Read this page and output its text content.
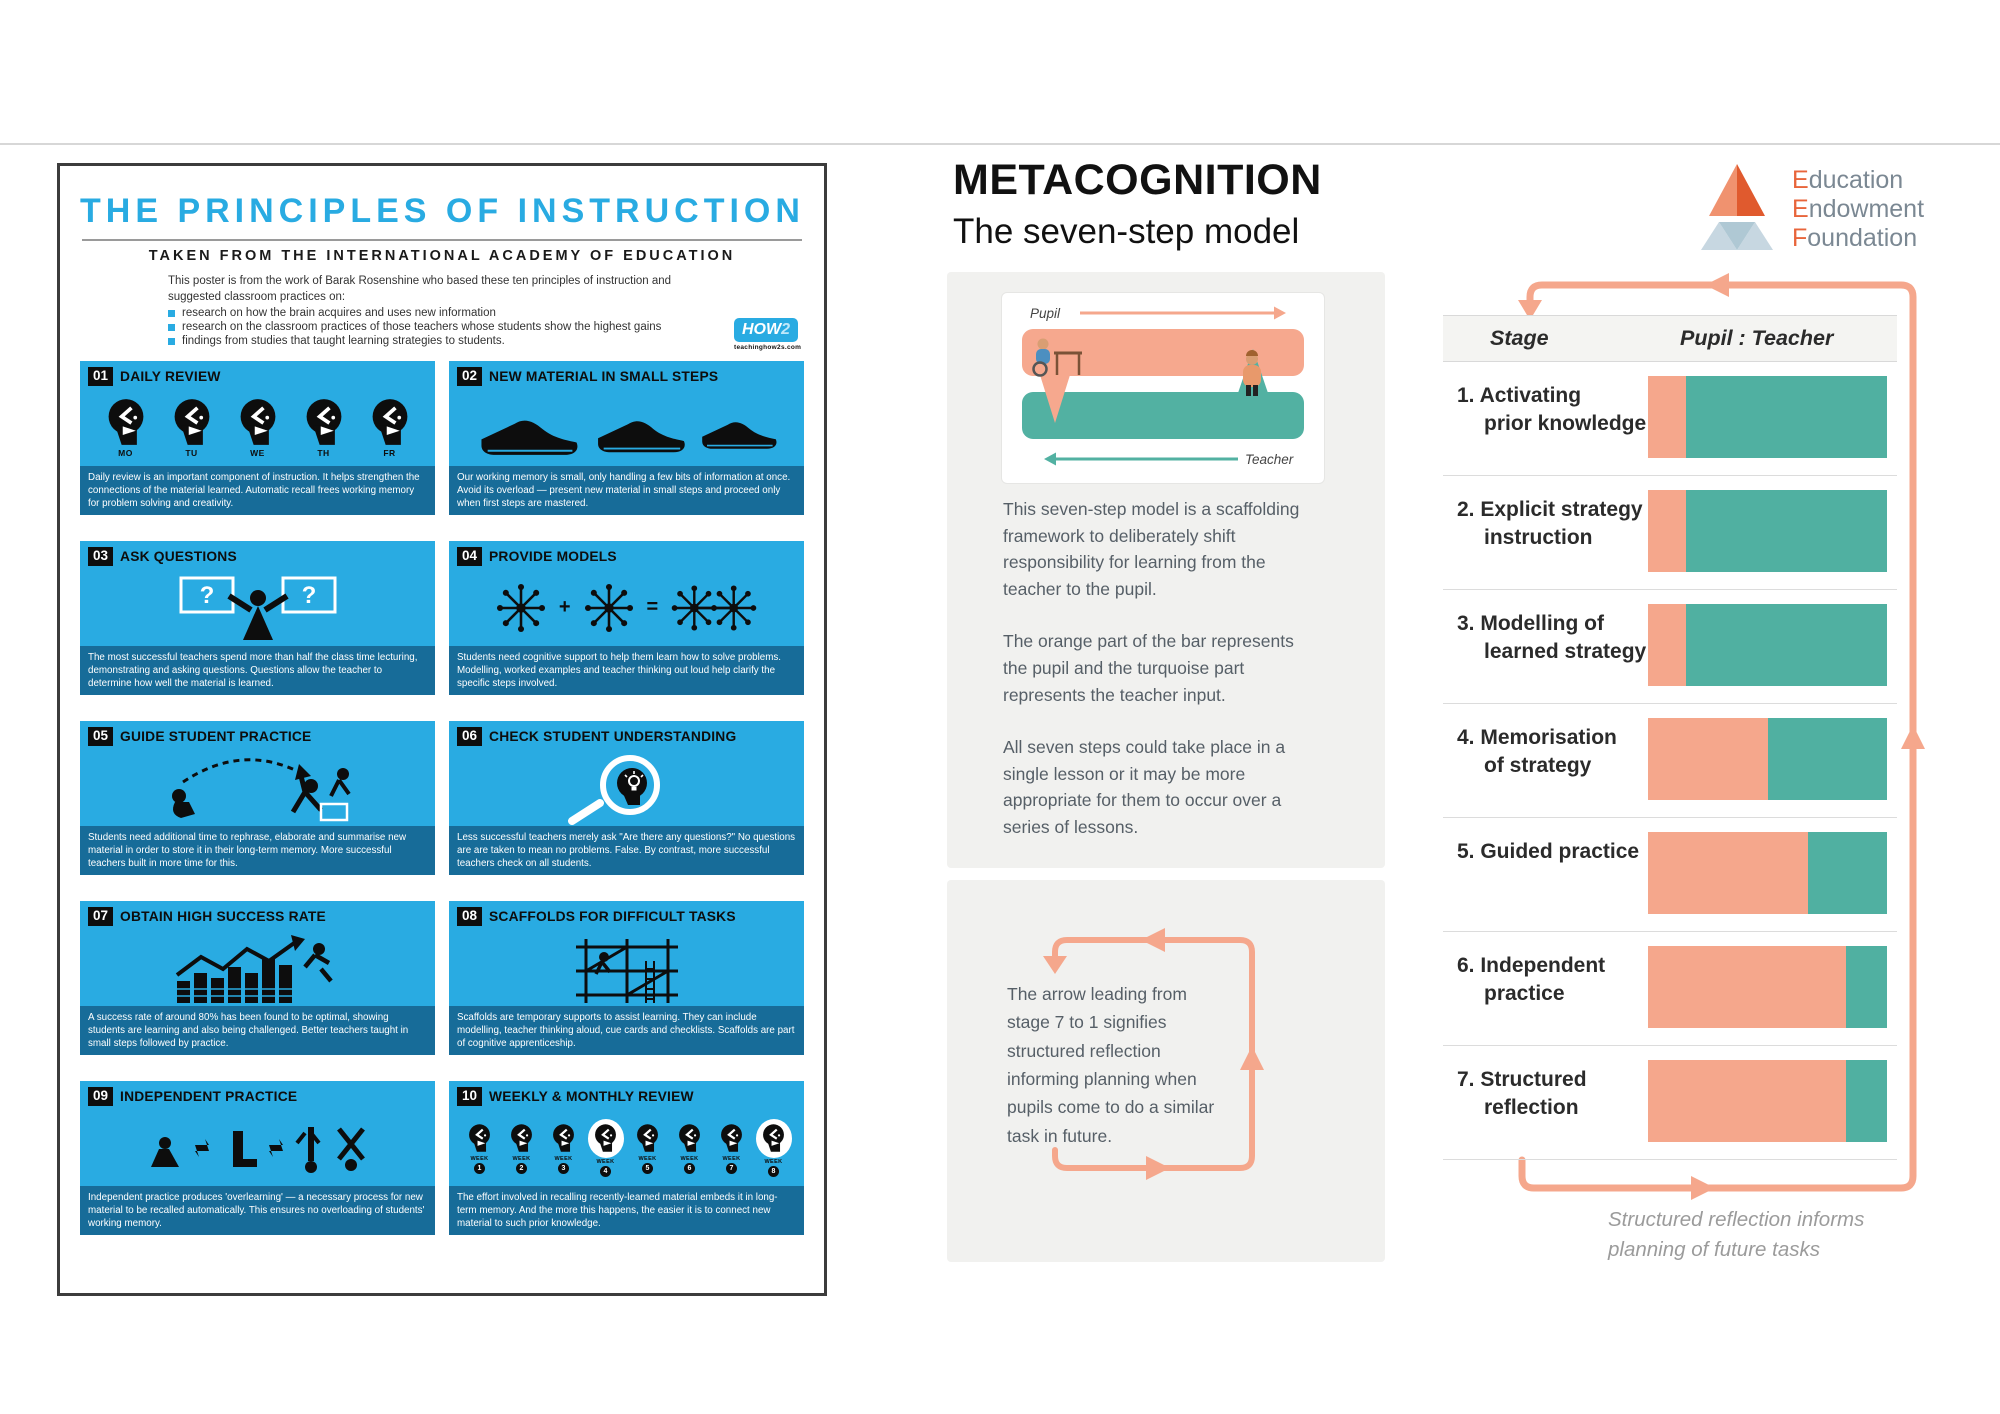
THE PRINCIPLES OF INSTRUCTION
TAKEN FROM THE INTERNATIONAL ACADEMY OF EDUCATION
This poster is from the work of Barak Rosenshine who based these ten principles of instruction and suggested classroom practices on:
research on how the brain acquires and uses new information
research on the classroom practices of those teachers whose students show the highest gains
findings from studies that taught learning strategies to students.
HOW2
teachinghow2s.com
01 DAILY REVIEW
MO	TU	WE	TH	FR
Daily review is an important component of instruction. It helps strengthen the connections of the material learned. Automatic recall frees working memory for problem solving and creativity.
02 NEW MATERIAL IN SMALL STEPS
Our working memory is small, only handling a few bits of information at once. Avoid its overload — present new material in small steps and proceed only when first steps are mastered.
03 ASK QUESTIONS
?	?
The most successful teachers spend more than half the class time lecturing, demonstrating and asking questions. Questions allow the teacher to determine how well the material is learned.
04 PROVIDE MODELS
+	=
Students need cognitive support to help them learn how to solve problems. Modelling, worked examples and teacher thinking out loud help clarify the specific steps involved.
05 GUIDE STUDENT PRACTICE
Students need additional time to rephrase, elaborate and summarise new material in order to store it in their long-term memory. More successful teachers built in more time for this.
06 CHECK STUDENT UNDERSTANDING
Less successful teachers merely ask "Are there any questions?" No questions are are taken to mean no problems. False. By contrast, more successful teachers check on all students.
07 OBTAIN HIGH SUCCESS RATE
A success rate of around 80% has been found to be optimal, showing students are learning and also being challenged. Better teachers taught in small steps followed by practice.
08 SCAFFOLDS FOR DIFFICULT TASKS
Scaffolds are temporary supports to assist learning. They can include modelling, teacher thinking aloud, cue cards and checklists. Scaffolds are part of cognitive apprenticeship.
09 INDEPENDENT PRACTICE
Independent practice produces 'overlearning' — a necessary process for new material to be recalled automatically. This ensures no overloading of students' working memory.
10 WEEKLY & MONTHLY REVIEW
WEEK
1
WEEK
2
WEEK
3
WEEK
4
WEEK
5
WEEK
6
WEEK
7
WEEK
8
The effort involved in recalling recently-learned material embeds it in long-term memory. And the more this happens, the easier it is to connect new material to such prior knowledge.
METACOGNITION
The seven-step model
Pupil
Teacher

This seven-step model is a scaffolding framework to deliberately shift responsibility for learning from the teacher to the pupil.

The orange part of the bar represents the pupil and the turquoise part represents the teacher input.

All seven steps could take place in a single lesson or it may be more appropriate for them to occur over a series of lessons.

The arrow leading from stage 7 to 1 signifies structured reflection informing planning when pupils come to do a similar task in future.
Education
Endowment
Foundation
Stage	Pupil : Teacher
1. Activating
prior knowledge
2. Explicit strategy
instruction
3. Modelling of
learned strategy
4. Memorisation
of strategy
5. Guided practice
6. Independent
practice
7. Structured
reflection
Structured reflection informs planning of future tasks
